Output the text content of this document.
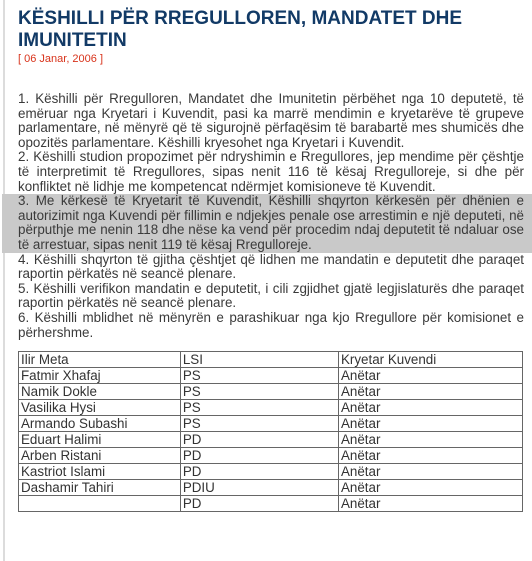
KËSHILLI PËR RREGULLOREN, MANDATET DHE IMUNITETIN
[ 06 Janar, 2006 ]
1. Këshilli për Rregulloren, Mandatet dhe Imunitetin përbëhet nga 10 deputetë, të emëruar nga Kryetari i Kuvendit, pasi ka marrë mendimin e kryetarëve të grupeve parlamentare, në mënyrë që të sigurojnë përfaqësim të barabartë mes shumicës dhe opozitës parlamentare. Këshilli kryesohet nga Kryetari i Kuvendit.
2. Këshilli studion propozimet për ndryshimin e Rregullores, jep mendime për çështje të interpretimit të Rregullores, sipas nenit 116 të kësaj Rregulloreje, si dhe për konfliktet në lidhje me kompetencat ndërmjet komisioneve të Kuvendit.
3. Me kërkesë të Kryetarit të Kuvendit, Këshilli shqyrton kërkesën për dhënien e autorizimit nga Kuvendi për fillimin e ndjekjes penale ose arrestimin e një deputeti, në përputhje me nenin 118 dhe nëse ka vend për procedim ndaj deputetit të ndaluar ose të arrestuar, sipas nenit 119 të kësaj Rregulloreje.
4. Këshilli shqyrton të gjitha çështjet që lidhen me mandatin e deputetit dhe paraqet raportin përkatës në seancë plenare.
5. Këshilli verifikon mandatin e deputetit, i cili zgjidhet gjatë legjislaturës dhe paraqet raportin përkatës në seancë plenare.
6. Këshilli mblidhet në mënyrën e parashikuar nga kjo Rregullore për komisionet e përhershme.
Ilir Meta	LSI	Kryetar Kuvendi
Fatmir Xhafaj	PS	Anëtar
Namik Dokle	PS	Anëtar
Vasilika Hysi	PS	Anëtar
Armando Subashi	PS	Anëtar
Eduart Halimi	PD	Anëtar
Arben Ristani	PD	Anëtar
Kastriot Islami	PD	Anëtar
Dashamir Tahiri	PDIU	Anëtar
	PD	Anëtar
